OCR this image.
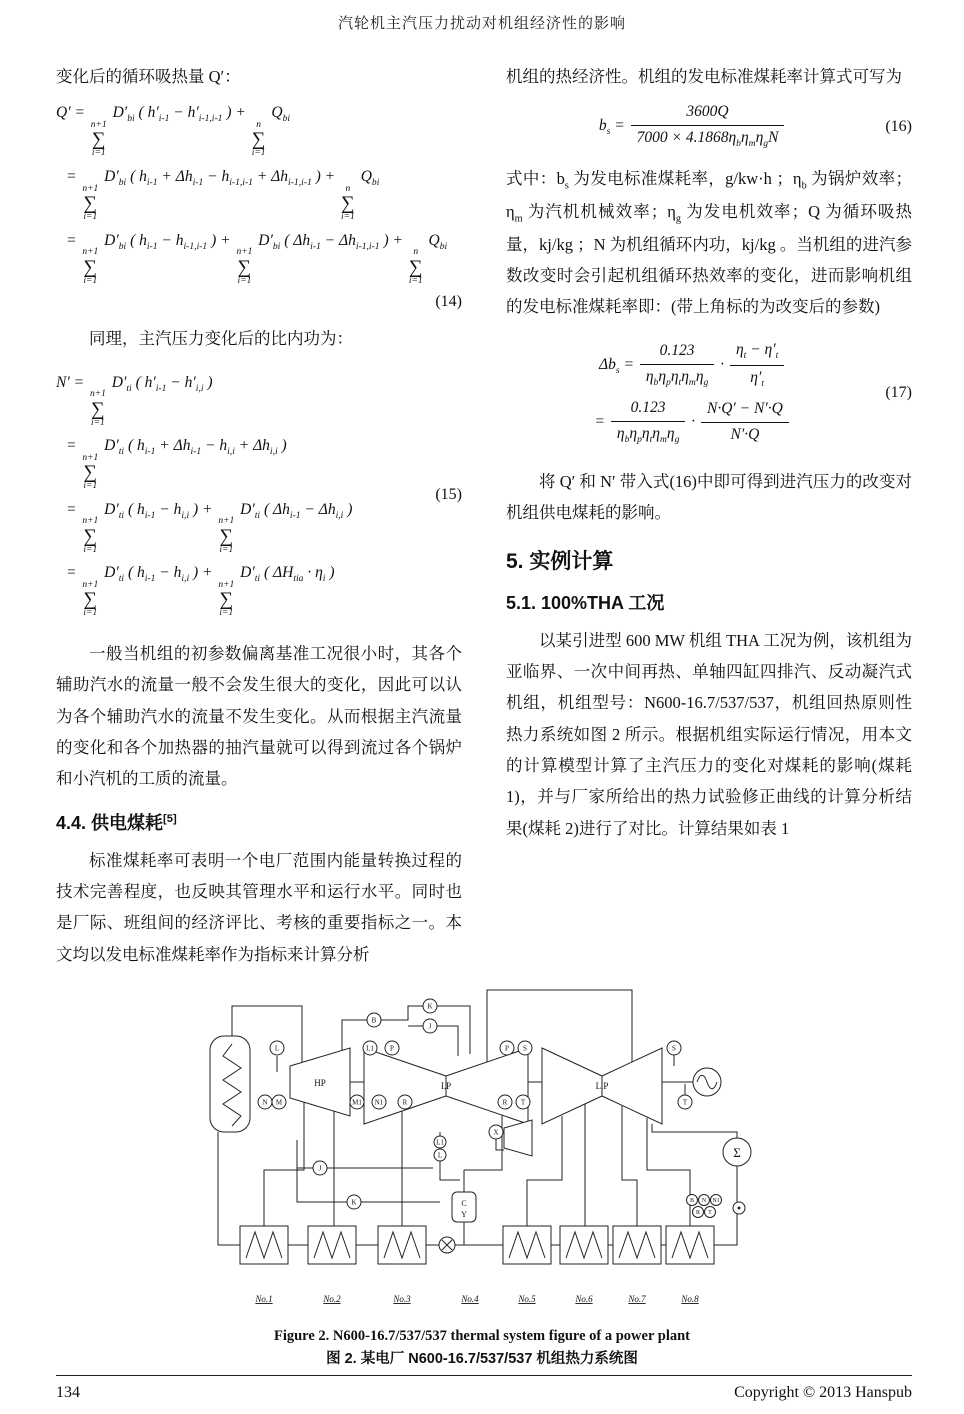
汽轮机主汽压力扰动对机组经济性的影响

变化后的循环吸热量 Q′：

Q′ =
n+1
∑
i=1
$D'_{bi}$ ( $h'_{i-1} - h'_{i-1,i-1}$ ) +
n
∑
i=1
$Q_{bi}$
=
n+1
∑
i=1
$D'_{bi}$ ( $h_{i-1} + \Delta h_{i-1} - h_{i-1,i-1} + \Delta h_{i-1,i-1}$ ) +
n
∑
i=1
$Q_{bi}$
=
n+1
∑
i=1
$D'_{bi}$ ( $h_{i-1} - h_{i-1,i-1}$ ) +
n+1
∑
i=1
$D'_{bi}$ ( $\Delta h_{i-1} - \Delta h_{i-1,i-1}$ ) +
n
∑
i=1
$Q_{bi}$
(14)

同理，主汽压力变化后的比内功为：

N′ =
n+1
∑
i=1
$D'_{ti}$ ( $h'_{i-1} - h'_{i,i}$ )
=
n+1
∑
i=1
$D'_{ti}$ ( $h_{i-1} + \Delta h_{i-1} - h_{i,i} + \Delta h_{i,i}$ )
=
n+1
∑
i=1
$D'_{ti}$ ( $h_{i-1} - h_{i,i}$ ) +
n+1
∑
i=1
$D'_{ti}$ ( $\Delta h_{i-1} - \Delta h_{i,i}$ )
=
n+1
∑
i=1
$D'_{ti}$ ( $h_{i-1} - h_{i,i}$ ) +
n+1
∑
i=1
$D'_{ti}$ ( $\Delta H_{tia} \cdot \eta_i$ )
(15)

一般当机组的初参数偏离基准工况很小时，其各个辅助汽水的流量一般不会发生很大的变化，因此可以认为各个辅助汽水的流量不发生变化。从而根据主汽流量的变化和各个加热器的抽汽量就可以得到流过各个锅炉和小汽机的工质的流量。

4.4. 供电煤耗[5]

标准煤耗率可表明一个电厂范围内能量转换过程的技术完善程度，也反映其管理水平和运行水平。同时也是厂际、班组间的经济评比、考核的重要指标之一。本文均以发电标准煤耗率作为指标来计算分析

机组的热经济性。机组的发电标准煤耗率计算式可写为

$b_s$ =
3600Q
$7000 \times 4.1868\eta_b\eta_m\eta_gN$
(16)

式中：$b_s$ 为发电标准煤耗率，g/kw·h ；$\eta_b$ 为锅炉效率；$\eta_m$ 为汽机机械效率；$\eta_g$ 为发电机效率；Q 为循环吸热量，kj/kg ；N 为机组循环内功，kj/kg 。当机组的进汽参数改变时会引起机组循环热效率的变化，进而影响机组的发电标准煤耗率即：(带上角标的为改变后的参数)

$\Delta b_s$ =
0.123
$\eta_b\eta_p\eta_t\eta_m\eta_g$
· $\frac{\eta_t - \eta'_t}{\eta'_t}$
=
0.123
$\eta_b\eta_p\eta_t\eta_m\eta_g$
· $\frac{N\cdot Q' - N'\cdot Q}{N'\cdot Q}$
(17)

将 Q′ 和 N′ 带入式(16)中即可得到进汽压力的改变对机组供电煤耗的影响。

5. 实例计算
5.1. 100%THA 工况

以某引进型 600 MW 机组 THA 工况为例，该机组为亚临界、一次中间再热、单轴四缸四排汽、反动凝汽式机组，机组型号：N600-16.7/537/537，机组回热原则性热力系统如图 2 所示。根据机组实际运行情况，用本文的计算模型计算了主汽压力的变化对煤耗的影响(煤耗 1)，并与厂家所给出的热力试验修正曲线的计算分析结果(煤耗 2)进行了对比。计算结果如表 1

HP	I.P	L.P
Σ
C
Y
No.1	No.2	No.3	No.4	No.5	No.6	No.7	No.8
B
K
J
L
N M
L1 P
M1 N1	R
P S
R T
S
T
X
L1
L
J
K	B N N1
R T
Figure 2. N600-16.7/537/537 thermal system figure of a power plant
图 2. 某电厂 N600-16.7/537/537 机组热力系统图
134	Copyright © 2013 Hanspub
